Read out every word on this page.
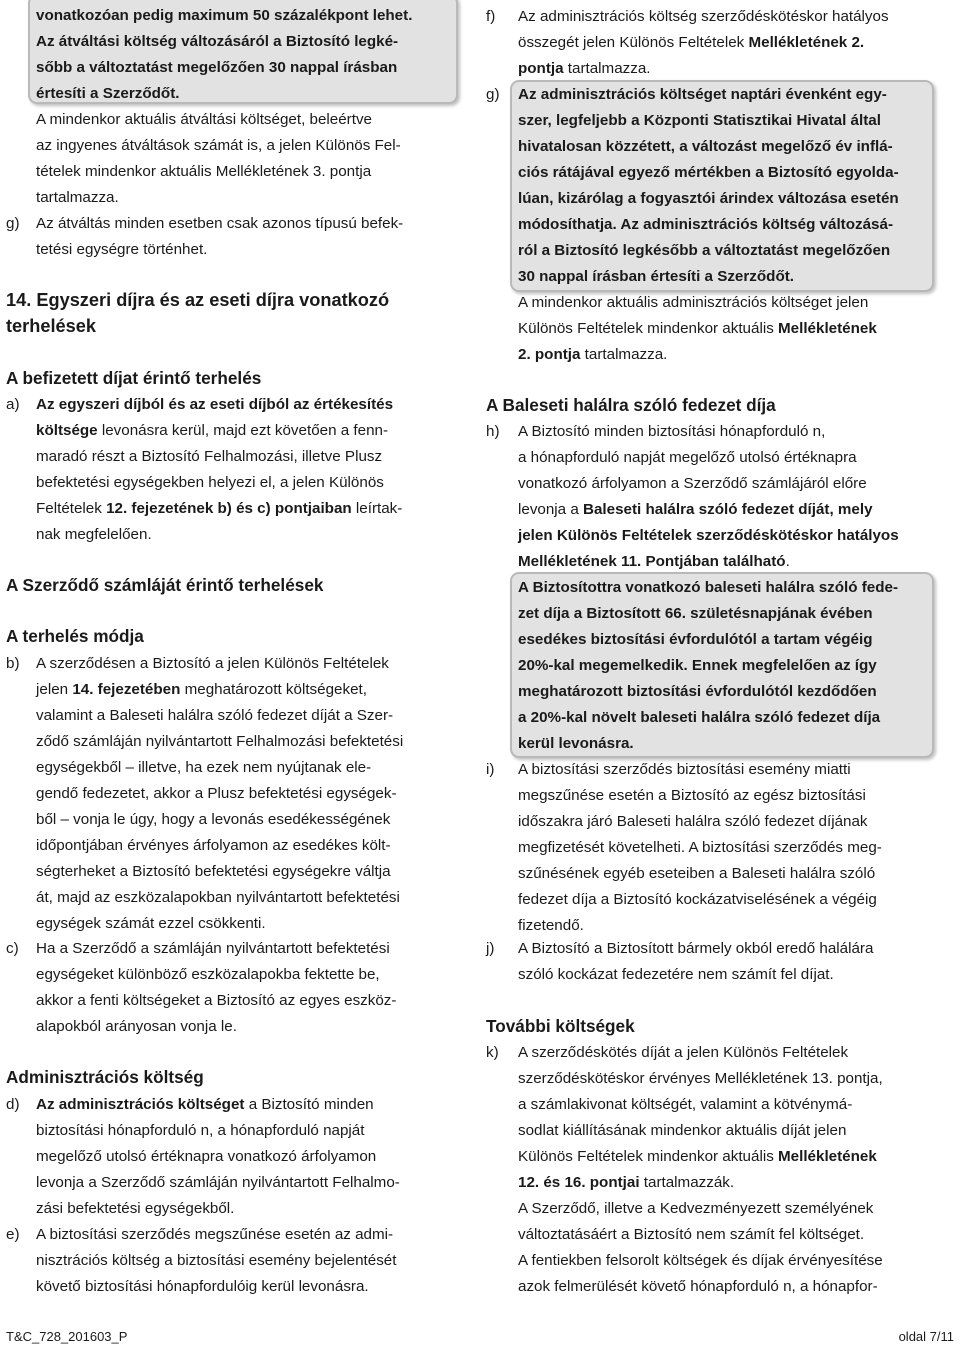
vonatkozóan pedig maximum 50 százalékpont lehet.
Az átváltási költség változásáról a Biztosító legké-
sőbb a változtatást megelőzően 30 nappal írásban
értesíti a Szerződőt.
A mindenkor aktuális átváltási költséget, beleértve
az ingyenes átváltások számát is, a jelen Különös Fel-
tételek mindenkor aktuális Mellékletének 3. pontja
tartalmazza.
g) Az átváltás minden esetben csak azonos típusú befek-
tetési egységre történhet.
14. Egyszeri díjra és az eseti díjra vonatkozó
terhelések
A befizetett díjat érintő terhelés
a) Az egyszeri díjból és az eseti díjból az értékesítés
költsége levonásra kerül, majd ezt követően a fenn-
maradó részt a Biztosító Felhalmozási, illetve Plusz
befektetési egységekben helyezi el, a jelen Különös
Feltételek 12. fejezetének b) és c) pontjaiban leírtak-
nak megfelelően.
A Szerződő számláját érintő terhelések
A terhelés módja
b) A szerződésen a Biztosító a jelen Különös Feltételek
jelen 14. fejezetében meghatározott költségeket,
valamint a Baleseti halálra szóló fedezet díját a Szer-
ződő számláján nyilvántartott Felhalmozási befektetési
egységekből – illetve, ha ezek nem nyújtanak ele-
gendő fedezetet, akkor a Plusz befektetési egységek-
ből – vonja le úgy, hogy a levonás esedékességének
időpontjában érvényes árfolyamon az esedékes költ-
ségterheket a Biztosító befektetési egységekre váltja
át, majd az eszközalapokban nyilvántartott befektetési
egységek számát ezzel csökkenti.
c) Ha a Szerződő a számláján nyilvántartott befektetési
egységeket különböző eszközalapokba fektette be,
akkor a fenti költségeket a Biztosító az egyes eszköz-
alapokból arányosan vonja le.
Adminisztrációs költség
d) Az adminisztrációs költséget a Biztosító minden
biztosítási hónapforduló n, a hónapforduló napját
megelőző utolsó értéknapra vonatkozó árfolyamon
levonja a Szerződő számláján nyilvántartott Felhalmo-
zási befektetési egységekből.
e) A biztosítási szerződés megszűnése esetén az admi-
nisztrációs költség a biztosítási esemény bejelentését
követő biztosítási hónapfordulóig kerül levonásra.
f) Az adminisztrációs költség szerződéskötéskor hatályos
összegét jelen Különös Feltételek Mellékletének 2.
pontja tartalmazza.
g) Az adminisztrációs költséget naptári évenként egy-
szer, legfeljebb a Központi Statisztikai Hivatal által
hivatalosan közzétett, a változást megelőző év inflá-
ciós rátájával egyező mértékben a Biztosító egyolda-
lúan, kizárólag a fogyasztói árindex változása esetén
módosíthatja. Az adminisztrációs költség változásá-
ról a Biztosító legkésőbb a változtatást megelőzően
30 nappal írásban értesíti a Szerződőt.
A mindenkor aktuális adminisztrációs költséget jelen
Különös Feltételek mindenkor aktuális Mellékletének
2. pontja tartalmazza.
A Baleseti halálra szóló fedezet díja
h) A Biztosító minden biztosítási hónapforduló n,
a hónapforduló napját megelőző utolsó értéknapra
vonatkozó árfolyamon a Szerződő számlájáról előre
levonja a Baleseti halálra szóló fedezet díját, mely
jelen Különös Feltételek szerződéskötéskor hatályos
Mellékletének 11. Pontjában található.
A Biztosítottra vonatkozó baleseti halálra szóló fede-
zet díja a Biztosított 66. születésnapjának évében
esedékes biztosítási évfordulótól a tartam végéig
20%-kal megemelkedik. Ennek megfelelően az így
meghatározott biztosítási évfordulótól kezdődően
a 20%-kal növelt baleseti halálra szóló fedezet díja
kerül levonásra.
i) A biztosítási szerződés biztosítási esemény miatti
megszűnése esetén a Biztosító az egész biztosítási
időszakra járó Baleseti halálra szóló fedezet díjának
megfizetését követelheti. A biztosítási szerződés meg-
szűnésének egyéb eseteiben a Baleseti halálra szóló
fedezet díja a Biztosító kockázatviselésének a végéig
fizetendő.
j) A Biztosító a Biztosított bármely okból eredő halálára
szóló kockázat fedezetére nem számít fel díjat.
További költségek
k) A szerződéskötés díját a jelen Különös Feltételek
szerződéskötéskor érvényes Mellékletének 13. pontja,
a számlakivonat költségét, valamint a kötvénymá-
sodlat kiállításának mindenkor aktuális díját jelen
Különös Feltételek mindenkor aktuális Mellékletének
12. és 16. pontjai tartalmazzák.
A Szerződő, illetve a Kedvezményezett személyének
változtatásáért a Biztosító nem számít fel költséget.
A fentiekben felsorolt költségek és díjak érvényesítése
azok felmerülését követő hónapforduló n, a hónapfor-
T&C_728_201603_P	oldal 7/11
